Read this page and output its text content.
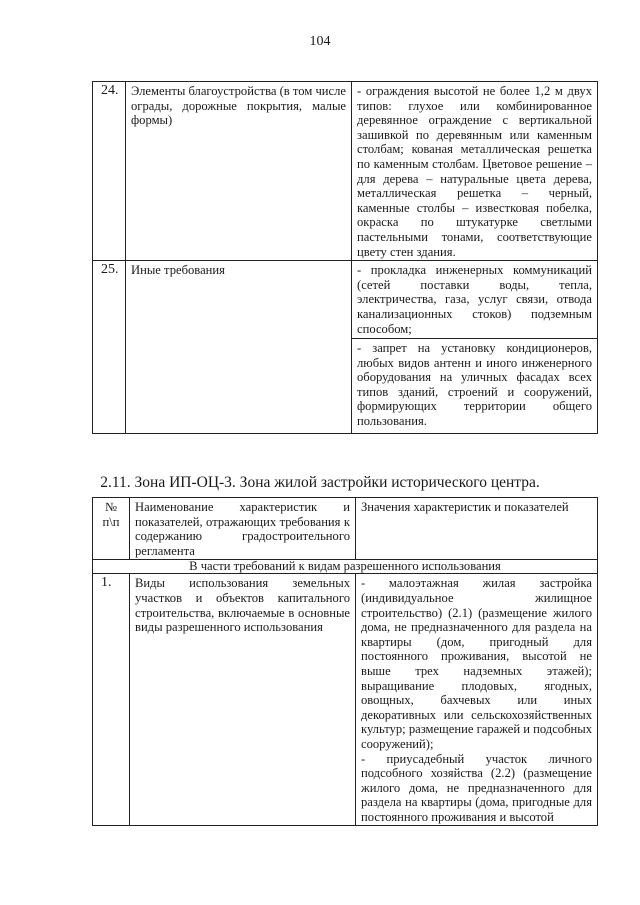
104
24.	Элементы благоустройства (в том числе ограды, дорожные покрытия, малые формы)	- ограждения высотой не более 1,2 м двух типов: глухое или комбинированное деревянное ограждение с вертикальной зашивкой по деревянным или каменным столбам; кованая металлическая решетка по каменным столбам. Цветовое решение – для дерева – натуральные цвета дерева, металлическая решетка – черный, каменные столбы – известковая побелка, окраска по штукатурке светлыми пастельными тонами, соответствующие цвету стен здания.

25.	Иные требования	- прокладка инженерных коммуникаций (сетей поставки воды, тепла, электричества, газа, услуг связи, отвода канализационных стоков) подземным способом;
- запрет на установку кондиционеров, любых видов антенн и иного инженерного оборудования на уличных фасадах всех типов зданий, строений и сооружений, формирующих территории общего пользования.
2.11. Зона ИП-ОЦ-3. Зона жилой застройки исторического центра.
№ п\п	Наименование характеристик и показателей, отражающих требования к содержанию градостроительного регламента	Значения характеристик и показателей
В части требований к видам разрешенного использования		
1.	Виды использования земельных участков и объектов капитального строительства, включаемые в основные виды разрешенного использования	- малоэтажная жилая застройка (индивидуальное жилищное строительство) (2.1) (размещение жилого дома, не предназначенного для раздела на квартиры (дом, пригодный для постоянного проживания, высотой не выше трех надземных этажей); выращивание плодовых, ягодных, овощных, бахчевых или иных декоративных или сельскохозяйственных культур; размещение гаражей и подсобных сооружений);
- приусадебный участок личного подсобного хозяйства (2.2) (размещение жилого дома, не предназначенного для раздела на квартиры (дома, пригодные для постоянного проживания и высотой
